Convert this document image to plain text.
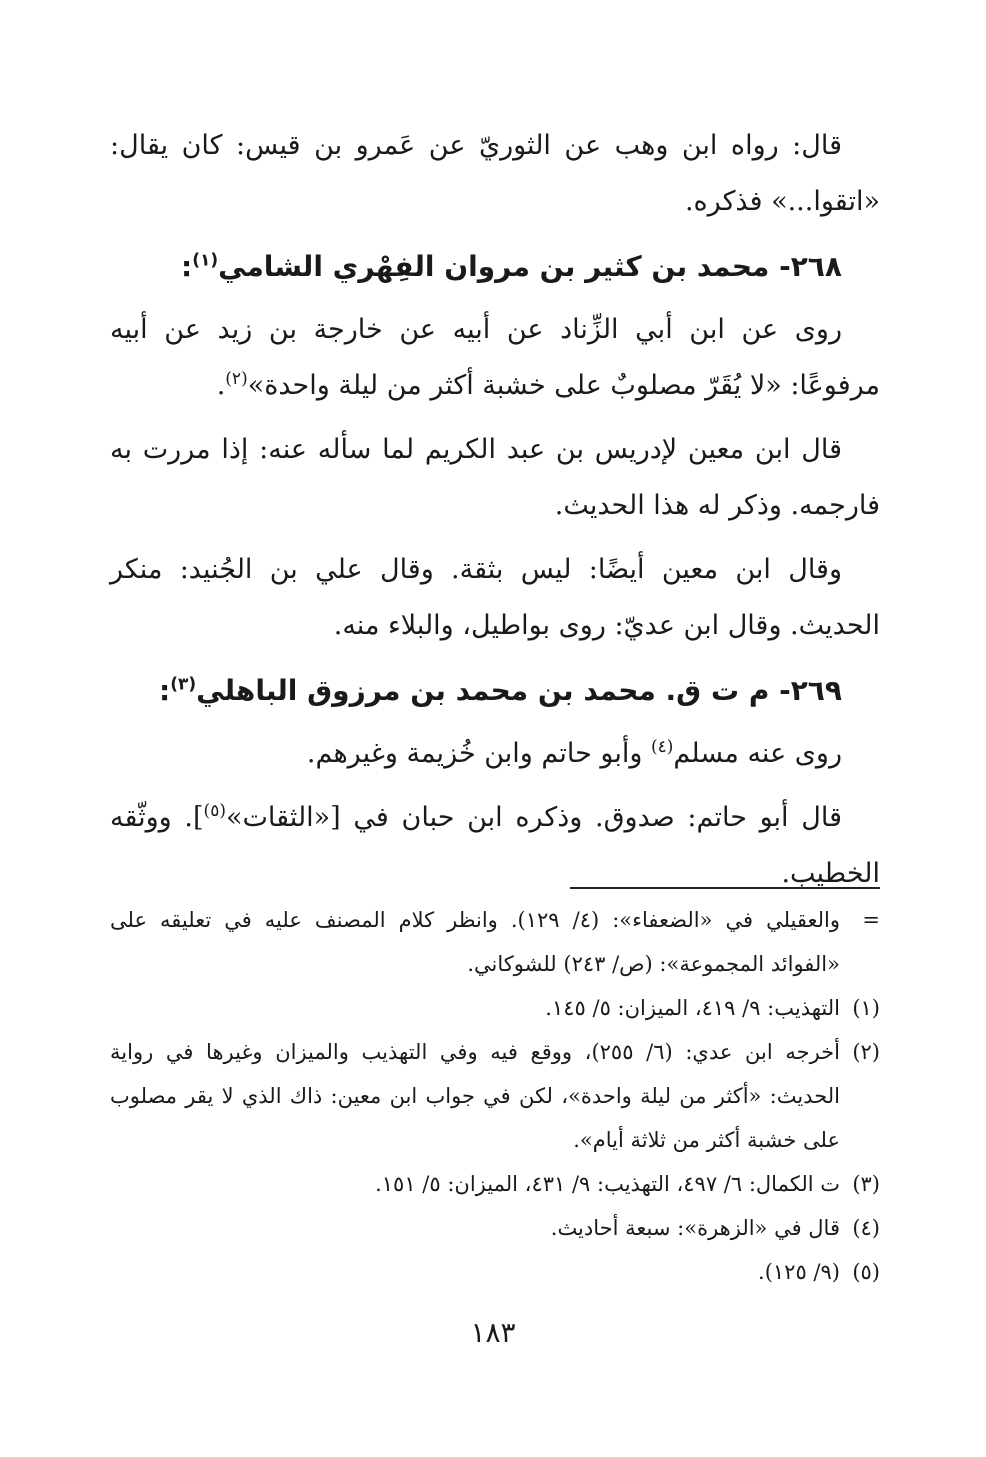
قال: رواه ابن وهب عن الثوريّ عن عَمرو بن قيس: كان يقال: «اتقوا...» فذكره.

٢٦٨- محمد بن كثير بن مروان الفِهْري الشامي$^{(١)}$:

روى عن ابن أبي الزِّناد عن أبيه عن خارجة بن زيد عن أبيه مرفوعًا: «لا يُقَرّ مصلوبٌ على خشبة أكثر من ليلة واحدة»$^{(٢)}$.

قال ابن معين لإدريس بن عبد الكريم لما سأله عنه: إذا مررت به فارجمه. وذكر له هذا الحديث.

وقال ابن معين أيضًا: ليس بثقة. وقال علي بن الجُنيد: منكر الحديث. وقال ابن عديّ: روى بواطيل، والبلاء منه.

٢٦٩- م ت ق. محمد بن محمد بن مرزوق الباهلي$^{(٣)}$:

روى عنه مسلم$^{(٤)}$ وأبو حاتم وابن خُزيمة وغيرهم.

قال أبو حاتم: صدوق. وذكره ابن حبان في [«الثقات»$^{(٥)}$]. ووثّقه الخطيب.

=
والعقيلي في «الضعفاء»: (٤/ ١٢٩). وانظر كلام المصنف عليه في تعليقه على «الفوائد المجموعة»: (ص/ ٢٤٣) للشوكاني.
(١)
التهذيب: ٩/ ٤١٩، الميزان: ٥/ ١٤٥.
(٢)
أخرجه ابن عدي: (٦/ ٢٥٥)، ووقع فيه وفي التهذيب والميزان وغيرها في رواية الحديث: «أكثر من ليلة واحدة»، لكن في جواب ابن معين: ذاك الذي لا يقر مصلوب على خشبة أكثر من ثلاثة أيام».
(٣)
ت الكمال: ٦/ ٤٩٧، التهذيب: ٩/ ٤٣١، الميزان: ٥/ ١٥١.
(٤)
قال في «الزهرة»: سبعة أحاديث.
(٥)
(٩/ ١٢٥).
١٨٣
